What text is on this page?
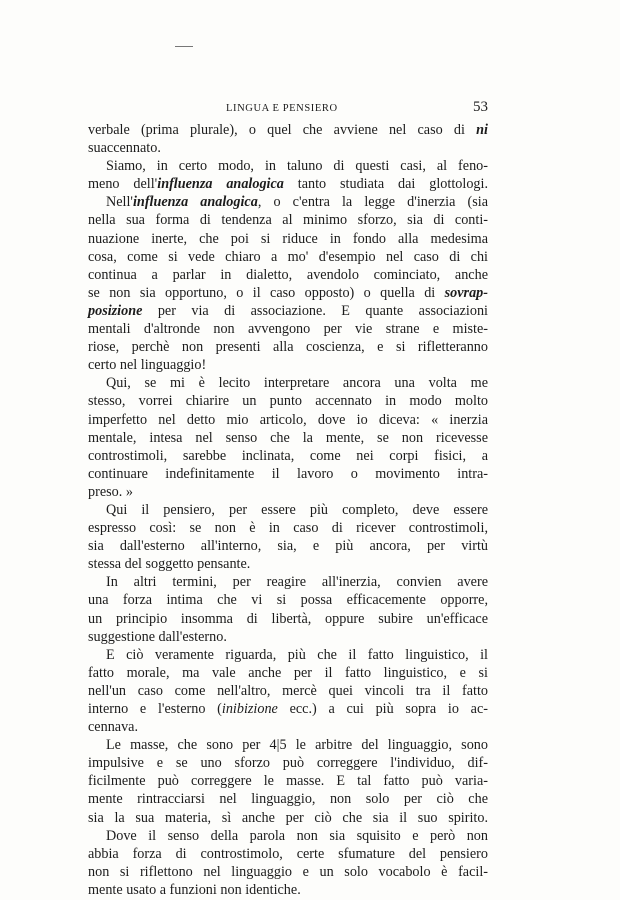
LINGUA E PENSIERO	53
verbale (prima plurale), o quel che avviene nel caso di ni
suaccennato.
Siamo, in certo modo, in taluno di questi casi, al feno-
meno dell'influenza analogica tanto studiata dai glottologi.
Nell'influenza analogica, o c'entra la legge d'inerzia (sia
nella sua forma di tendenza al minimo sforzo, sia di conti-
nuazione inerte, che poi si riduce in fondo alla medesima
cosa, come si vede chiaro a mo' d'esempio nel caso di chi
continua a parlar in dialetto, avendolo cominciato, anche
se non sia opportuno, o il caso opposto) o quella di sovrap-
posizione per via di associazione. E quante associazioni
mentali d'altronde non avvengono per vie strane e miste-
riose, perchè non presenti alla coscienza, e si rifletteranno
certo nel linguaggio!
Qui, se mi è lecito interpretare ancora una volta me
stesso, vorrei chiarire un punto accennato in modo molto
imperfetto nel detto mio articolo, dove io diceva: « inerzia
mentale, intesa nel senso che la mente, se non ricevesse
controstimoli, sarebbe inclinata, come nei corpi fisici, a
continuare indefinitamente il lavoro o movimento intra-
preso. »
Qui il pensiero, per essere più completo, deve essere
espresso così: se non è in caso di ricever controstimoli,
sia dall'esterno all'interno, sia, e più ancora, per virtù
stessa del soggetto pensante.
In altri termini, per reagire all'inerzia, convien avere
una forza intima che vi si possa efficacemente opporre,
un principio insomma di libertà, oppure subire un'efficace
suggestione dall'esterno.
E ciò veramente riguarda, più che il fatto linguistico, il
fatto morale, ma vale anche per il fatto linguistico, e si
nell'un caso come nell'altro, mercè quei vincoli tra il fatto
interno e l'esterno (inibizione ecc.) a cui più sopra io ac-
cennava.
Le masse, che sono per 4|5 le arbitre del linguaggio, sono
impulsive e se uno sforzo può correggere l'individuo, dif-
ficilmente può correggere le masse. E tal fatto può varia-
mente rintracciarsi nel linguaggio, non solo per ciò che
sia la sua materia, sì anche per ciò che sia il suo spirito.
Dove il senso della parola non sia squisito e però non
abbia forza di controstimolo, certe sfumature del pensiero
non si riflettono nel linguaggio e un solo vocabolo è facil-
mente usato a funzioni non identiche.
